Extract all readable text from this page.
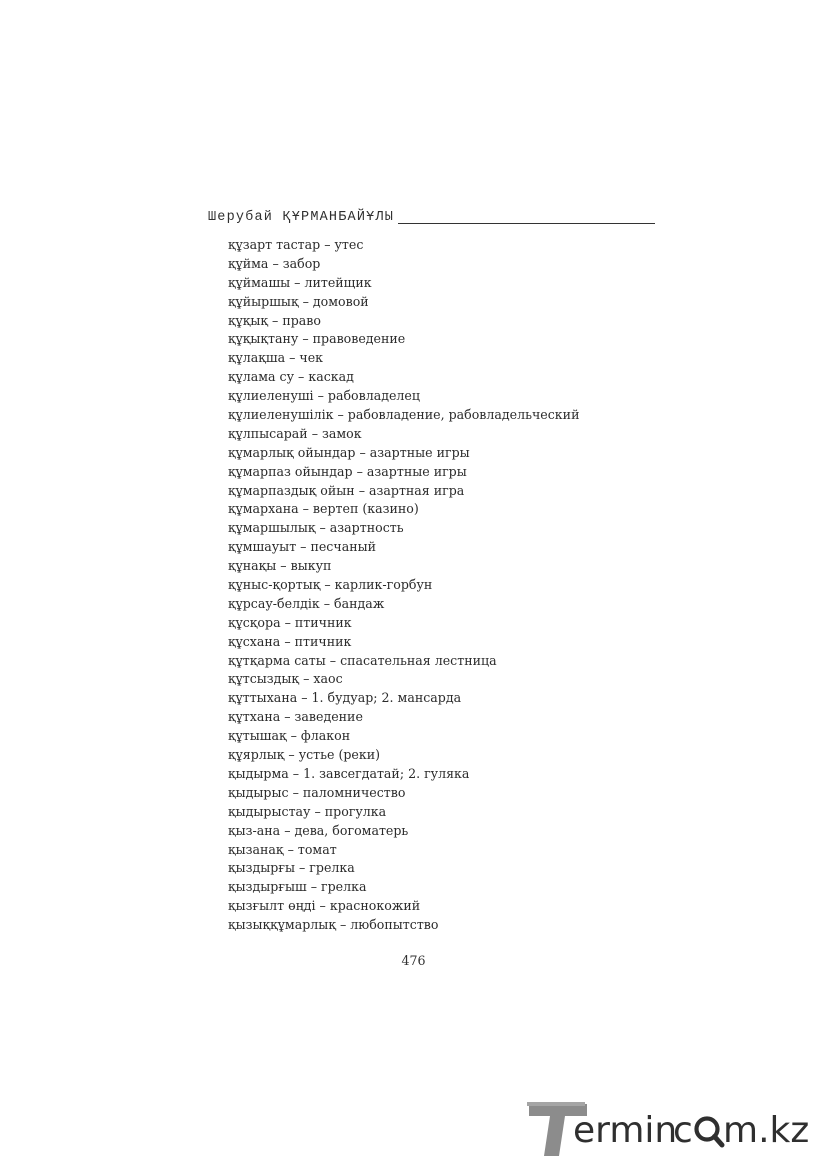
Шерубай ҚҰРМАНБАЙҰЛЫ
құзарт тастар – утес
құйма – забор
құймашы – литейщик
құйыршық – домовой
құқық – право
құқықтану – правоведение
құлақша – чек
құлама су – каскад
құлиеленуші – рабовладелец
құлиеленушілік – рабовладение, рабовладельческий
құлпысарай – замок
құмарлық ойындар – азартные игры
құмарпаз ойындар – азартные игры
құмарпаздық ойын – азартная игра
құмархана – вертеп (казино)
құмаршылық – азартность
құмшауыт – песчаный
құнақы – выкуп
құныс-қортық – карлик-горбун
құрсау-белдік – бандаж
құсқора – птичник
құсхана – птичник
құтқарма саты – спасательная лестница
құтсыздық – хаос
құттыхана – 1. будуар; 2. мансарда
құтхана – заведение
құтышақ – флакон
құярлық – устье (реки)
қыдырма – 1. завсегдатай; 2. гуляка
қыдырыс – паломничество
қыдырыстау – прогулка
қыз-ана – дева, богоматерь
қызанақ – томат
қыздырғы – грелка
қыздырғыш – грелка
қызғылт өңді – краснокожий
қызыққұмарлық – любопытство
476
ermin
c m.kz
